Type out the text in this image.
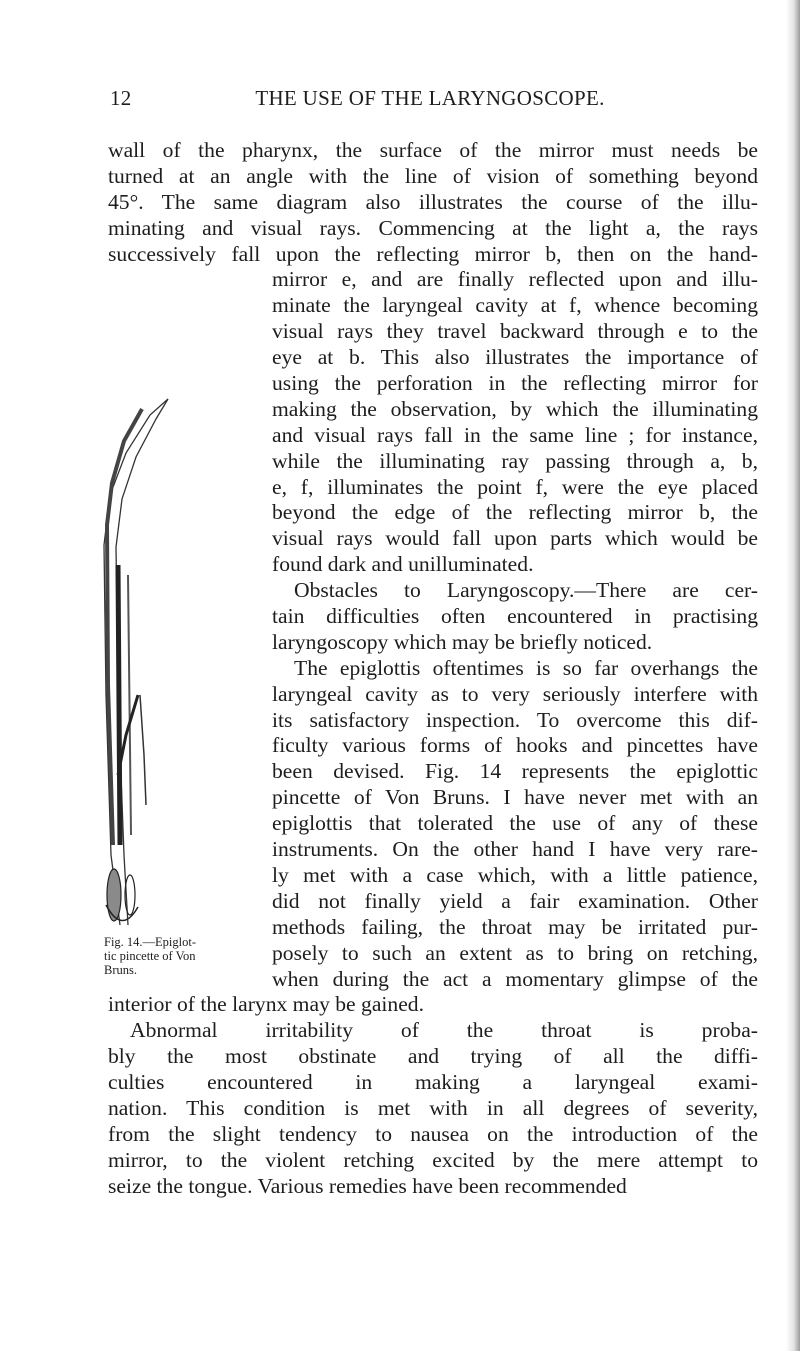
12	THE USE OF THE LARYNGOSCOPE.
wall of the pharynx, the surface of the mirror must needs be
turned at an angle with the line of vision of something beyond
45°. The same diagram also illustrates the course of the illu-
minating and visual rays. Commencing at the light a, the rays
successively fall upon the reflecting mirror b, then on the hand-
Fig. 14.—Epiglot-
tic pincette of Von
Bruns.
mirror e, and are finally reflected upon and illu-
minate the laryngeal cavity at f, whence becoming
visual rays they travel backward through e to the
eye at b. This also illustrates the importance of
using the perforation in the reflecting mirror for
making the observation, by which the illuminating
and visual rays fall in the same line ; for instance,
while the illuminating ray passing through a, b,
e, f, illuminates the point f, were the eye placed
beyond the edge of the reflecting mirror b, the
visual rays would fall upon parts which would be
found dark and unilluminated.
Obstacles to Laryngoscopy.—There are cer-
tain difficulties often encountered in practising
laryngoscopy which may be briefly noticed.
The epiglottis oftentimes is so far overhangs the
laryngeal cavity as to very seriously interfere with
its satisfactory inspection. To overcome this dif-
ficulty various forms of hooks and pincettes have
been devised. Fig. 14 represents the epiglottic
pincette of Von Bruns. I have never met with an
epiglottis that tolerated the use of any of these
instruments. On the other hand I have very rare-
ly met with a case which, with a little patience,
did not finally yield a fair examination. Other
methods failing, the throat may be irritated pur-
posely to such an extent as to bring on retching,
when during the act a momentary glimpse of the
interior of the larynx may be gained.
Abnormal irritability of the throat is proba-
bly the most obstinate and trying of all the diffi-
culties encountered in making a laryngeal exami-
nation. This condition is met with in all degrees of severity,
from the slight tendency to nausea on the introduction of the
mirror, to the violent retching excited by the mere attempt to
seize the tongue. Various remedies have been recommended
